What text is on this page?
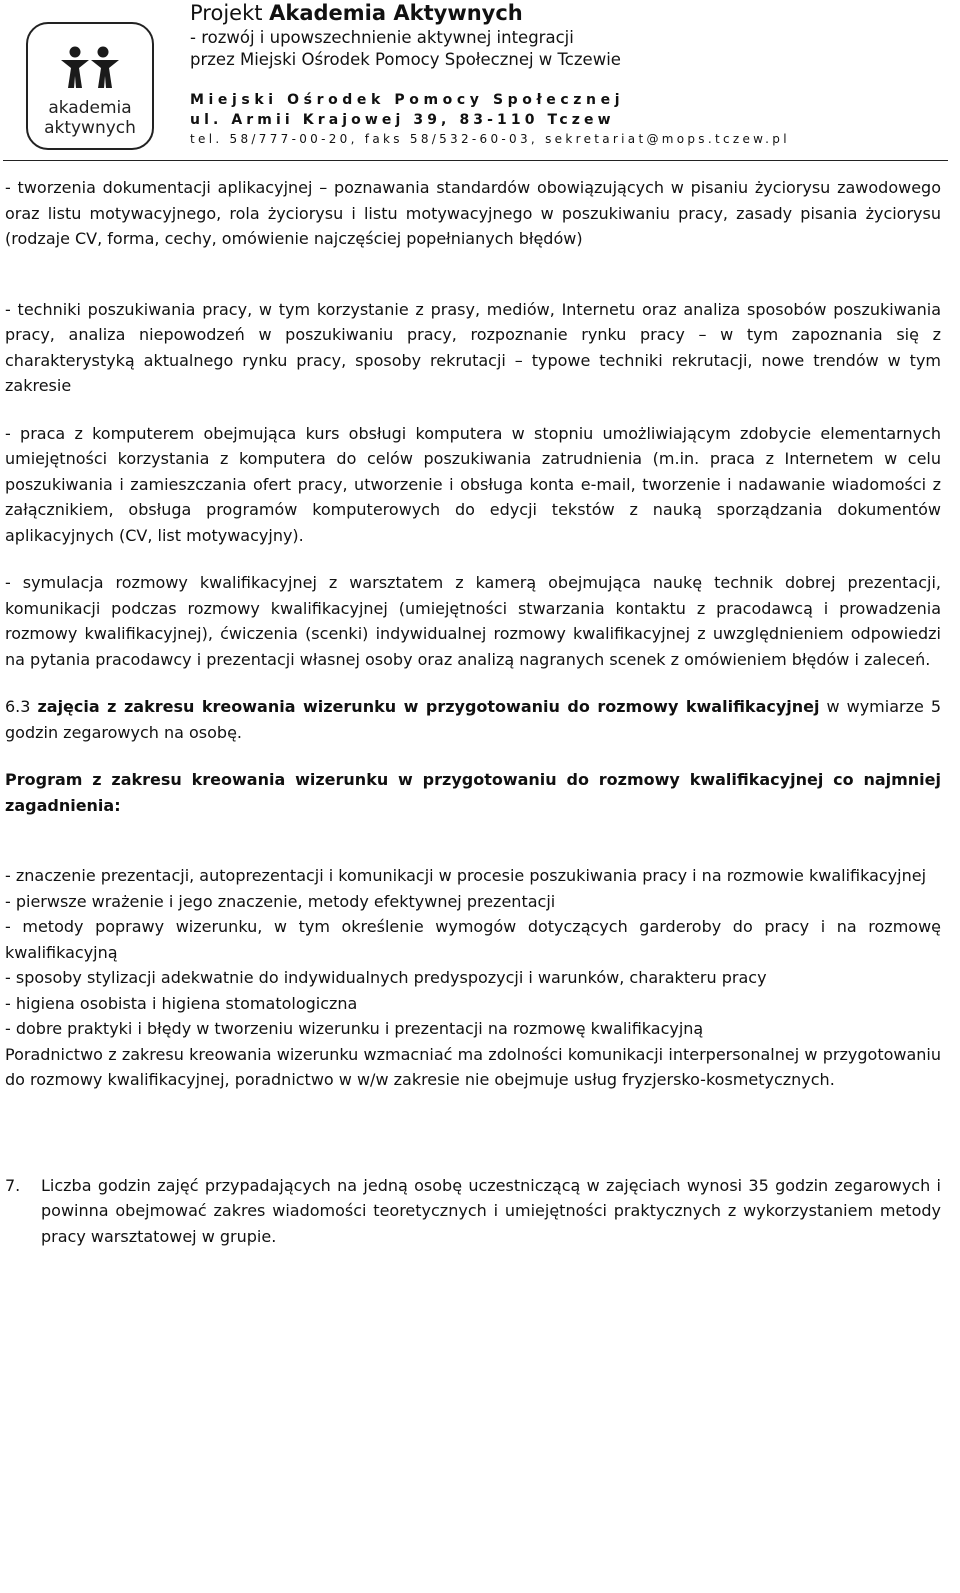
akademia
aktywnych
Projekt Akademia Aktywnych
- rozwój i upowszechnienie aktywnej integracji
przez Miejski Ośrodek Pomocy Społecznej w Tczewie
Miejski Ośrodek Pomocy Społecznej
ul. Armii Krajowej 39, 83-110 Tczew
tel. 58/777-00-20, faks 58/532-60-03, sekretariat@mops.tczew.pl

- tworzenia dokumentacji aplikacyjnej – poznawania standardów obowiązujących w pisaniu życiorysu zawodowego oraz listu motywacyjnego, rola życiorysu i listu motywacyjnego w poszukiwaniu pracy, zasady pisania życiorysu (rodzaje CV, forma, cechy, omówienie najczęściej popełnianych błędów)

- techniki poszukiwania pracy, w tym korzystanie z prasy, mediów, Internetu oraz analiza sposobów poszukiwania pracy, analiza niepowodzeń w poszukiwaniu pracy, rozpoznanie rynku pracy – w tym zapoznania się z charakterystyką aktualnego rynku pracy, sposoby rekrutacji – typowe techniki rekrutacji, nowe trendów w tym zakresie

- praca z komputerem obejmująca kurs obsługi komputera w stopniu umożliwiającym zdobycie elementarnych umiejętności korzystania z komputera do celów poszukiwania zatrudnienia (m.in. praca z Internetem w celu poszukiwania i zamieszczania ofert pracy, utworzenie i obsługa konta e-mail, tworzenie i nadawanie wiadomości z załącznikiem, obsługa programów komputerowych do edycji tekstów z nauką sporządzania dokumentów aplikacyjnych (CV, list motywacyjny).

- symulacja rozmowy kwalifikacyjnej z warsztatem z kamerą obejmująca naukę technik dobrej prezentacji, komunikacji podczas rozmowy kwalifikacyjnej (umiejętności stwarzania kontaktu z pracodawcą i prowadzenia rozmowy kwalifikacyjnej), ćwiczenia (scenki) indywidualnej rozmowy kwalifikacyjnej z uwzględnieniem odpowiedzi na pytania pracodawcy i prezentacji własnej osoby oraz analizą nagranych scenek z omówieniem błędów i zaleceń.

6.3 zajęcia z zakresu kreowania wizerunku w przygotowaniu do rozmowy kwalifikacyjnej w wymiarze 5 godzin zegarowych na osobę.

Program z zakresu kreowania wizerunku w przygotowaniu do rozmowy kwalifikacyjnej co najmniej zagadnienia:

- znaczenie prezentacji, autoprezentacji i komunikacji w procesie poszukiwania pracy i na rozmowie kwalifikacyjnej

- pierwsze wrażenie i jego znaczenie, metody efektywnej prezentacji

- metody poprawy wizerunku, w tym określenie wymogów dotyczących garderoby do pracy i na rozmowę kwalifikacyjną

- sposoby stylizacji adekwatnie do indywidualnych predyspozycji i warunków, charakteru pracy

- higiena osobista i higiena stomatologiczna

- dobre praktyki i błędy w tworzeniu wizerunku i prezentacji na rozmowę kwalifikacyjną

Poradnictwo z zakresu kreowania wizerunku wzmacniać ma zdolności komunikacji interpersonalnej w przygotowaniu do rozmowy kwalifikacyjnej, poradnictwo w w/w zakresie nie obejmuje usług fryzjersko-kosmetycznych.

7.	Liczba godzin zajęć przypadających na jedną osobę uczestniczącą w zajęciach wynosi 35 godzin zegarowych i powinna obejmować zakres wiadomości teoretycznych i umiejętności praktycznych z wykorzystaniem metody pracy warsztatowej w grupie.
